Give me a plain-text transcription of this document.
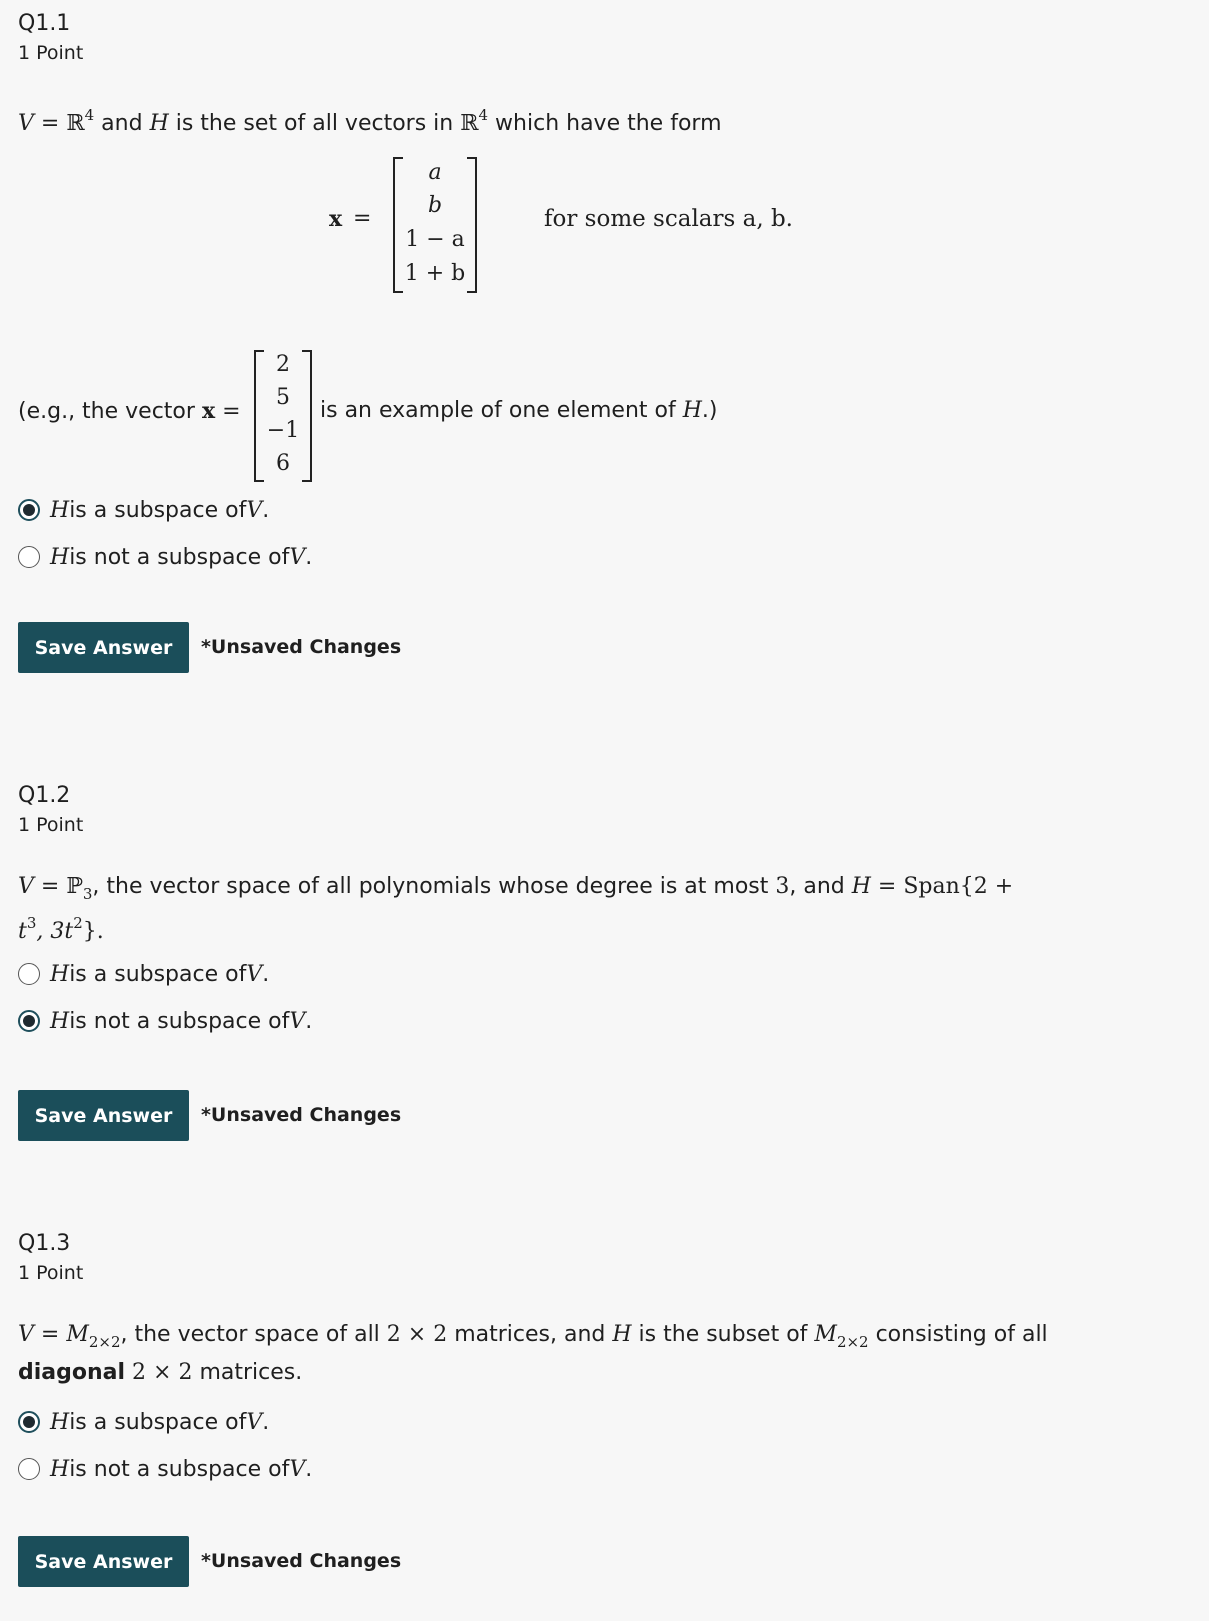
Q1.1
1 Point
V = ℝ$^4$ and H is the set of all vectors in ℝ$^4$ which have the form
x =
a
b
1 − a
1 + b
for some scalars a, b.
(e.g., the vector x =
2
5
−1
6
is an example of one element of H.)
H is a subspace of V .
H is not a subspace of V .
Save Answer	*Unsaved Changes
Q1.2
1 Point
V = ℙ$_3$, the vector space of all polynomials whose degree is at most 3, and H = Span{2 +
$t^3$, $3t^2$}.
H is a subspace of V .
H is not a subspace of V .
Save Answer	*Unsaved Changes
Q1.3
1 Point
$V = M_{2\times 2}$, the vector space of all 2 × 2 matrices, and H is the subset of $M_{2\times 2}$ consisting of all
diagonal 2 × 2 matrices.
H is a subspace of V .
H is not a subspace of V .
Save Answer	*Unsaved Changes
